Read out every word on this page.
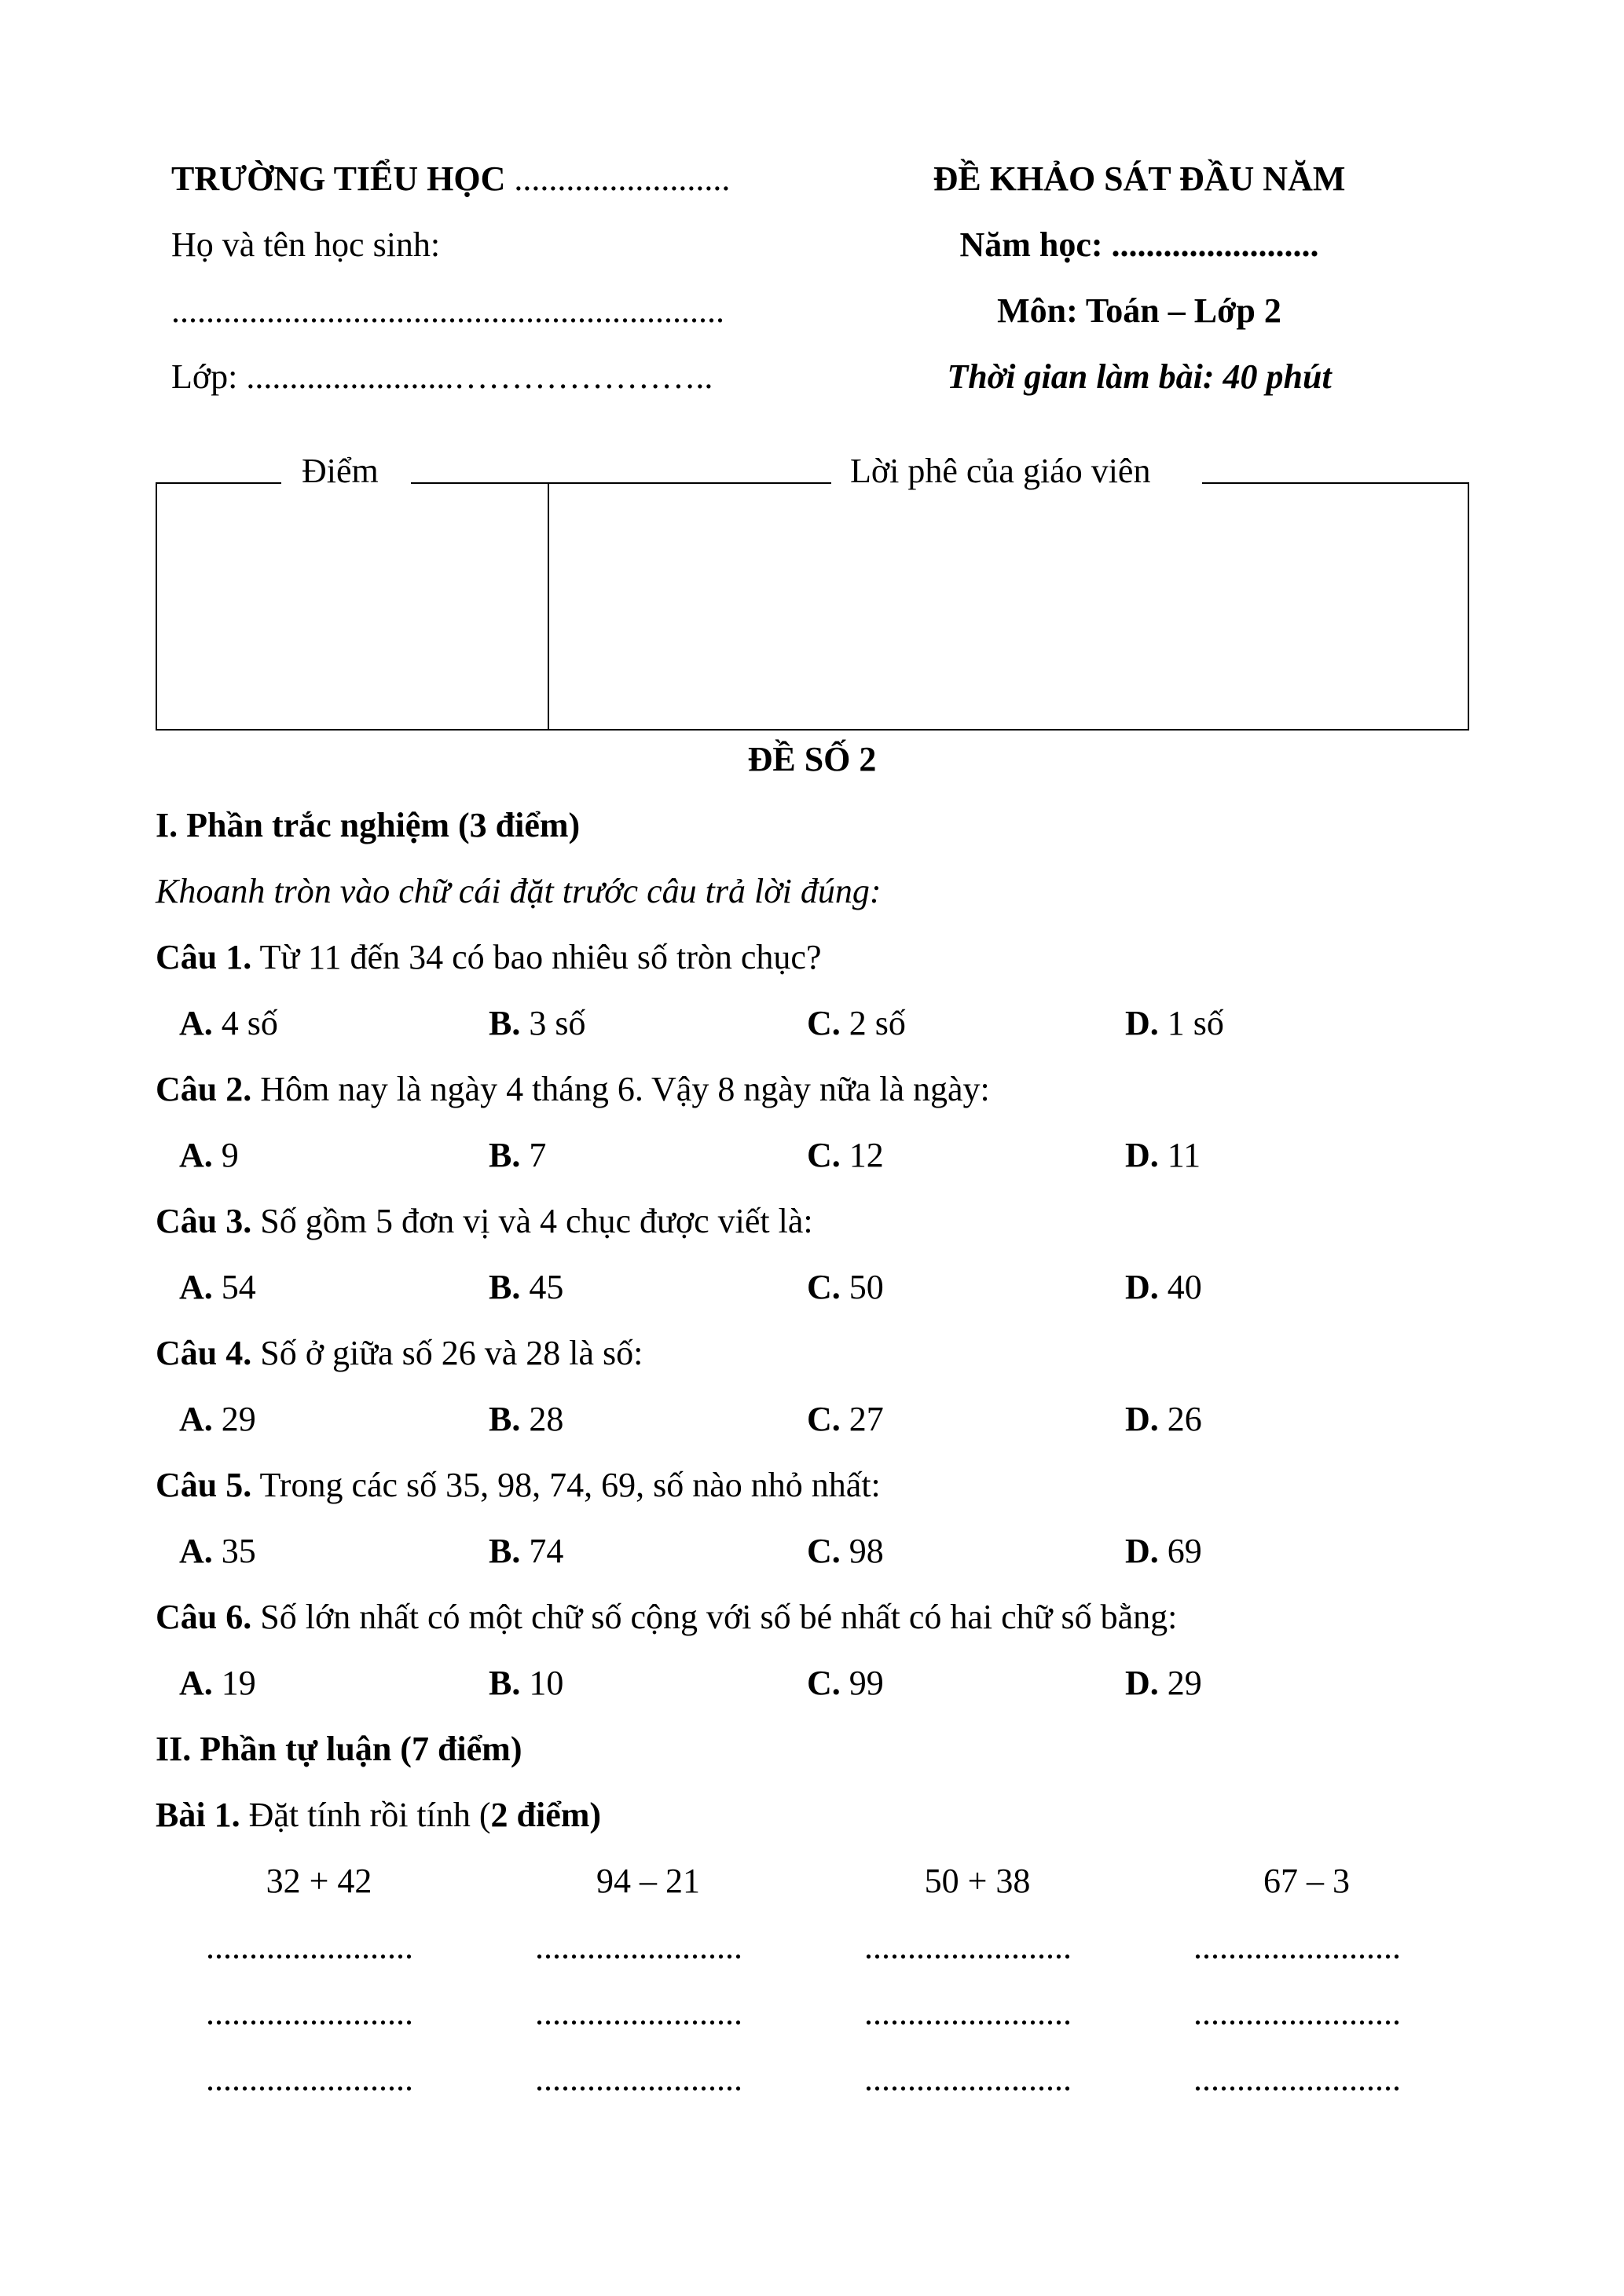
TRƯỜNG TIỂU HỌC .........................
Họ và tên học sinh:
................................................................
Lớp: ........................…………………..
ĐỀ KHẢO SÁT ĐẦU NĂM
Năm học: ........................
Môn: Toán – Lớp 2
Thời gian làm bài: 40 phút
Điểm	Lời phê của giáo viên
ĐỀ SỐ 2
I. Phần trắc nghiệm (3 điểm)
Khoanh tròn vào chữ cái đặt trước câu trả lời đúng:
Câu 1. Từ 11 đến 34 có bao nhiêu số tròn chục?
A. 4 số	B. 3 số	C. 2 số	D. 1 số
Câu 2. Hôm nay là ngày 4 tháng 6. Vậy 8 ngày nữa là ngày:
A. 9	B. 7	C. 12	D. 11
Câu 3. Số gồm 5 đơn vị và 4 chục được viết là:
A. 54	B. 45	C. 50	D. 40
Câu 4. Số ở giữa số 26 và 28 là số:
A. 29	B. 28	C. 27	D. 26
Câu 5. Trong các số 35, 98, 74, 69, số nào nhỏ nhất:
A. 35	B. 74	C. 98	D. 69
Câu 6. Số lớn nhất có một chữ số cộng với số bé nhất có hai chữ số bằng:
A. 19	B. 10	C. 99	D. 29
II. Phần tự luận (7 điểm)
Bài 1. Đặt tính rồi tính (2 điểm)
32 + 42	94 – 21	50 + 38	67 – 3
........................	........................	........................	........................
........................	........................	........................	........................
........................	........................	........................	........................
